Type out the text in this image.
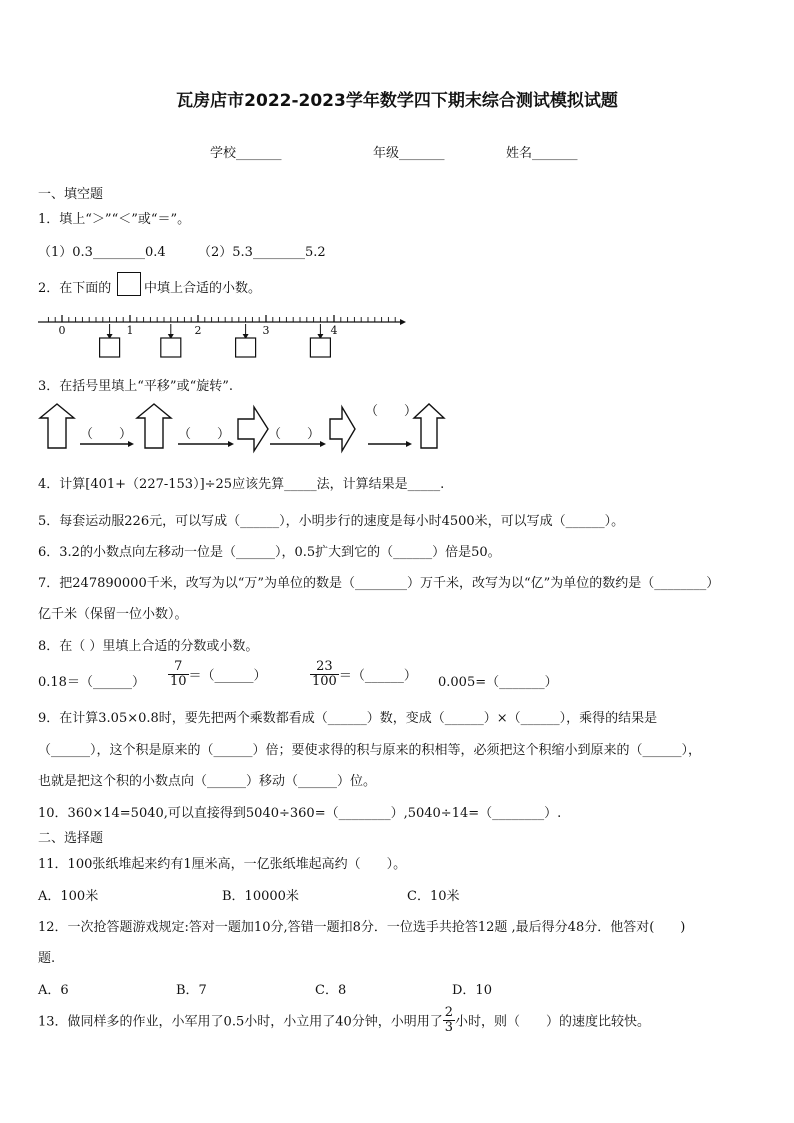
瓦房店市2022-2023学年数学四下期末综合测试模拟试题
学校_______	年级_______	姓名_______
一、填空题
1．填上“＞”“＜”或“＝”。
（1）0.3________0.4 （2）5.3________5.2
2．在下面的	中填上合适的小数。
0	1	2	3	4
3．在括号里填上“平移”或“旋转”.
（　　）	（　　）	（　　）
（　　）
4．计算[401+（227-153）]÷25应该先算_____法，计算结果是_____.
5．每套运动服226元，可以写成（______），小明步行的速度是每小时4500米，可以写成（______）。
6．3.2的小数点向左移动一位是（______），0.5扩大到它的（______）倍是50。
7．把247890000千米，改写为以“万”为单位的数是（________）万千米，改写为以“亿”为单位的数约是（________）
亿千米（保留一位小数）。
8．在（ ）里填上合适的分数或小数。
0.18＝（______） $\frac{7}{10}$ ＝（______）	$\frac{23}{100}$ ＝（______） 0.005=（_______）
9．在计算3.05×0.8时，要先把两个乘数都看成（______）数，变成（______）×（______），乘得的结果是
（______），这个积是原来的（______）倍；要使求得的积与原来的积相等，必须把这个积缩小到原来的（______），
也就是把这个积的小数点向（______）移动（______）位。
10．360×14=5040,可以直接得到5040÷360=（________）,5040÷14=（________）.
二、选择题
11．100张纸堆起来约有1厘米高，一亿张纸堆起高约（　　）。
A．100米	B．10000米	C．10米
12．一次抢答题游戏规定:答对一题加10分,答错一题扣8分．一位选手共抢答12题 ,最后得分48分．他答对(　　)
题.
A．6	B．7	C．8	D．10
13．做同样多的作业，小军用了0.5小时，小立用了40分钟，小明用了 $\frac{2}{3}$ 小时，则（　　）的速度比较快。
